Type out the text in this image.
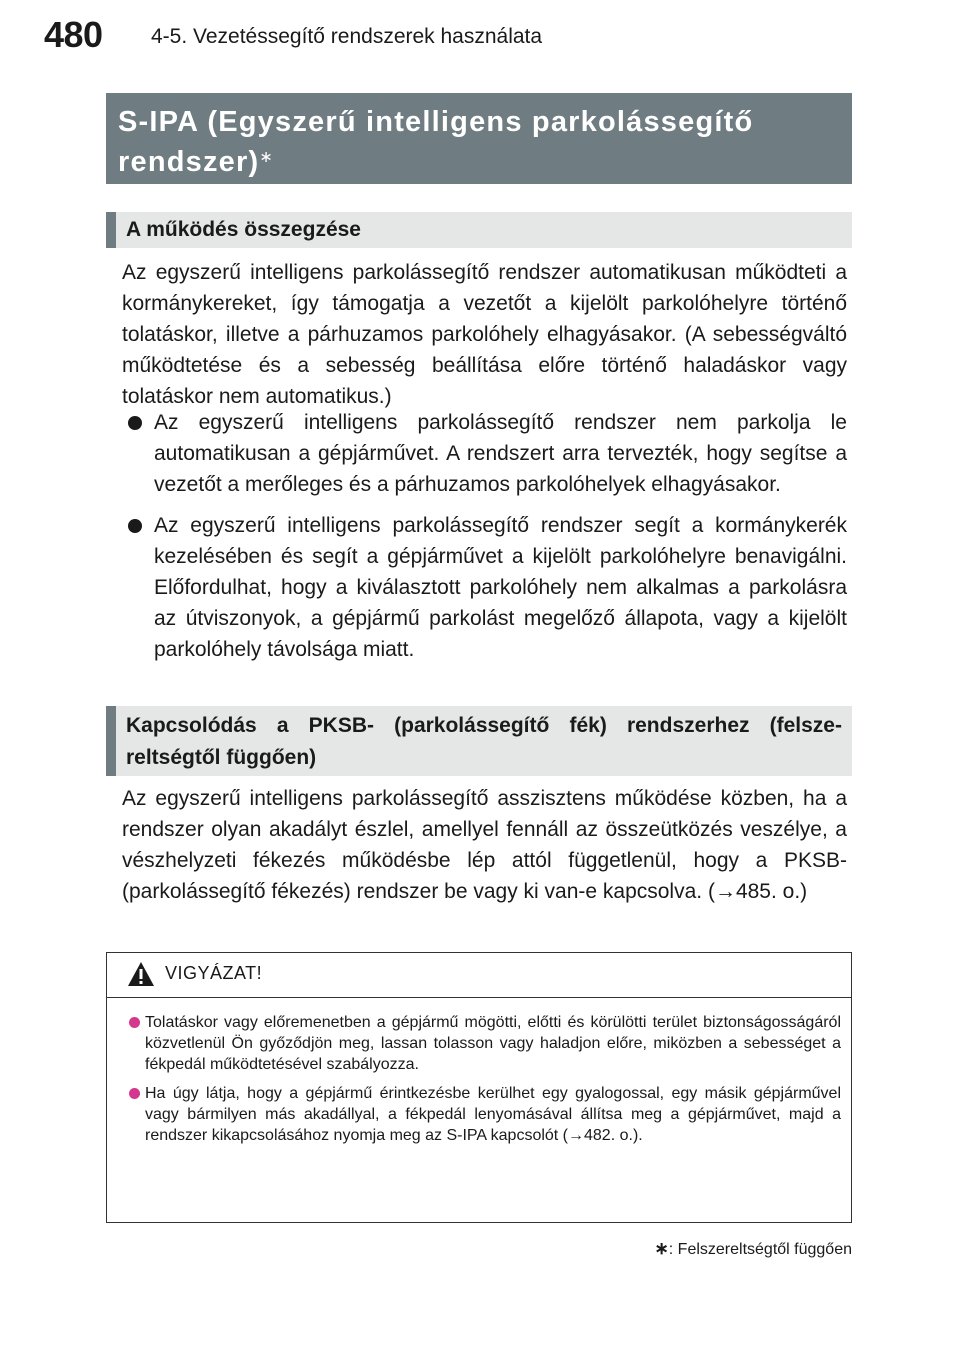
480 4-5. Vezetéssegítő rendszerek használata
S-IPA (Egyszerű intelligens parkolássegítő rendszer)∗
A működés összegzése

Az egyszerű intelligens parkolássegítő rendszer automatikusan működteti a kormánykereket, így támogatja a vezetőt a kijelölt parkolóhelyre történő tolatáskor, illetve a párhuzamos parkolóhely elhagyásakor. (A sebességváltó működtetése és a sebesség beállítása előre történő haladáskor vagy tolatáskor nem automatikus.)

Az egyszerű intelligens parkolássegítő rendszer nem parkolja le automatikusan a gépjárművet. A rendszert arra tervezték, hogy segítse a vezetőt a merőleges és a párhuzamos parkolóhelyek elhagyásakor.
Az egyszerű intelligens parkolássegítő rendszer segít a kormánykerék kezelésében és segít a gépjárművet a kijelölt parkolóhelyre benavigálni. Előfordulhat, hogy a kiválasztott parkolóhely nem alkalmas a parkolásra az útviszonyok, a gépjármű parkolást megelőző állapota, vagy a kijelölt parkolóhely távolsága miatt.
Kapcsolódás a PKSB- (parkolássegítő fék) rendszerhez (felszereltségtől függően)

Az egyszerű intelligens parkolássegítő asszisztens működése közben, ha a rendszer olyan akadályt észlel, amellyel fennáll az összeütközés veszélye, a vészhelyzeti fékezés működésbe lép attól függetlenül, hogy a PKSB- (parkolássegítő fékezés) rendszer be vagy ki van-e kapcsolva. (→485. o.)

VIGYÁZAT!
Tolatáskor vagy előremenetben a gépjármű mögötti, előtti és körülötti terület biztonságosságáról közvetlenül Ön győződjön meg, lassan tolasson vagy haladjon előre, miközben a sebességet a fékpedál működtetésével szabályozza.
Ha úgy látja, hogy a gépjármű érintkezésbe kerülhet egy gyalogossal, egy másik gépjárművel vagy bármilyen más akadállyal, a fékpedál lenyomásával állítsa meg a gépjárművet, majd a rendszer kikapcsolásához nyomja meg az S-IPA kapcsolót (→482. o.).
∗: Felszereltségtől függően
